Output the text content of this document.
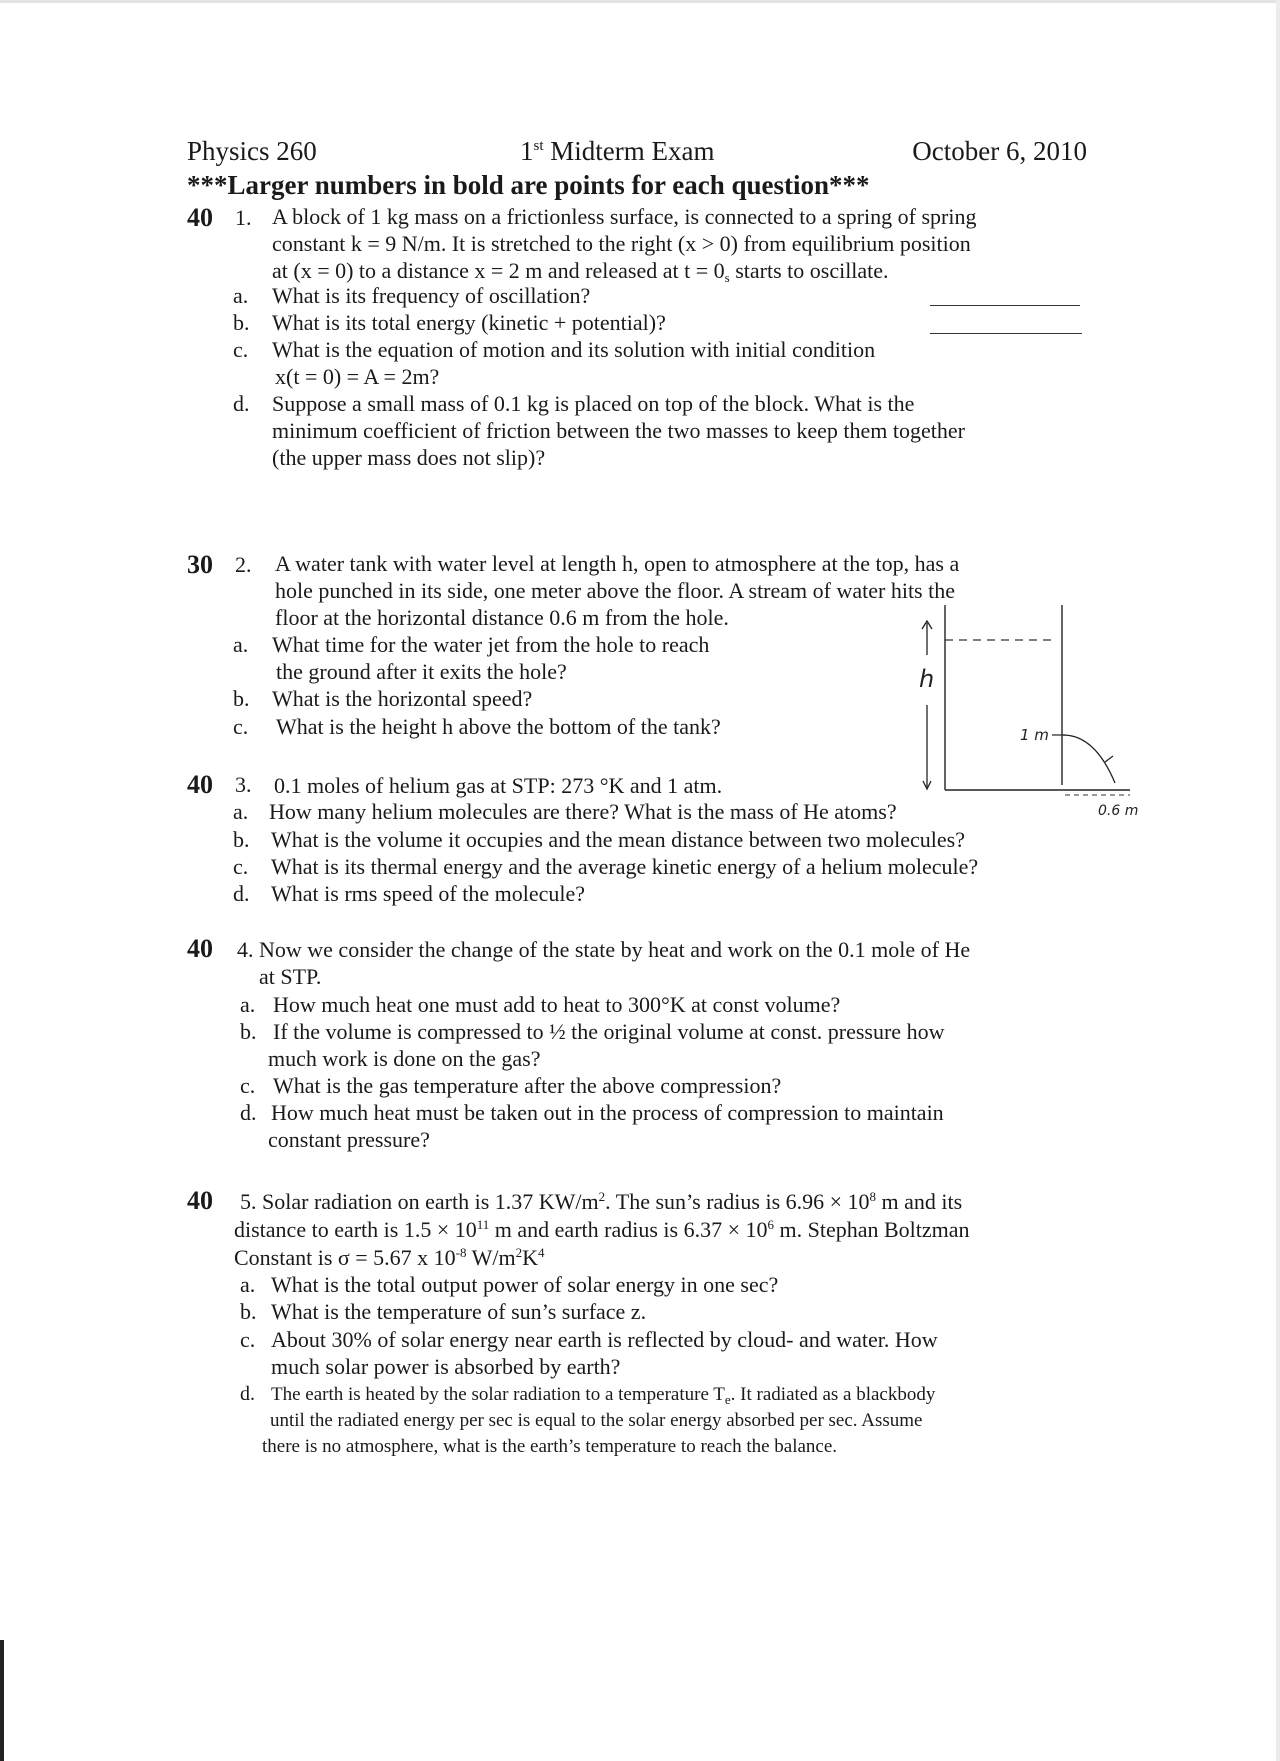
Physics 260	1st Midterm Exam	October 6, 2010
***Larger numbers in bold are points for each question***
40 1. A block of 1 kg mass on a frictionless surface, is connected to a spring of spring
constant k = 9 N/m. It is stretched to the right (x > 0) from equilibrium position
at (x = 0) to a distance x = 2 m and released at $t = 0_s$ starts to oscillate.
a. What is its frequency of oscillation?
b. What is its total energy (kinetic + potential)?
c. What is the equation of motion and its solution with initial condition
x(t = 0) = A = 2m?
d. Suppose a small mass of 0.1 kg is placed on top of the block. What is the
minimum coefficient of friction between the two masses to keep them together
(the upper mass does not slip)?
30 2. A water tank with water level at length h, open to atmosphere at the top, has a
hole punched in its side, one meter above the floor. A stream of water hits the
floor at the horizontal distance 0.6 m from the hole.
a. What time for the water jet from the hole to reach
the ground after it exits the hole?
b. What is the horizontal speed?
c. What is the height h above the bottom of the tank?
h
1 m
0.6 m
40 3. 0.1 moles of helium gas at STP: 273 °K and 1 atm.
a. How many helium molecules are there? What is the mass of He atoms?
b. What is the volume it occupies and the mean distance between two molecules?
c. What is its thermal energy and the average kinetic energy of a helium molecule?
d. What is rms speed of the molecule?
40 4. Now we consider the change of the state by heat and work on the 0.1 mole of He
at STP.
a. How much heat one must add to heat to 300°K at const volume?
b. If the volume is compressed to ½ the original volume at const. pressure how
much work is done on the gas?
c. What is the gas temperature after the above compression?
d. How much heat must be taken out in the process of compression to maintain
constant pressure?
40 5. Solar radiation on earth is 1.37 $KW/m^2$. The sun’s radius is $6.96 \times 10^8$ m and its
distance to earth is $1.5 \times 10^{11}$ m and earth radius is $6.37 \times 10^6$ m. Stephan Boltzman
Constant is σ = 5.67 x $10^{-8}$ $W/m^2K^4$
a. What is the total output power of solar energy in one sec?
b. What is the temperature of sun’s surface z.
c. About 30% of solar energy near earth is reflected by cloud- and water. How
much solar power is absorbed by earth?
d. The earth is heated by the solar radiation to a temperature $T_e$. It radiated as a blackbody
until the radiated energy per sec is equal to the solar energy absorbed per sec. Assume
there is no atmosphere, what is the earth’s temperature to reach the balance.
